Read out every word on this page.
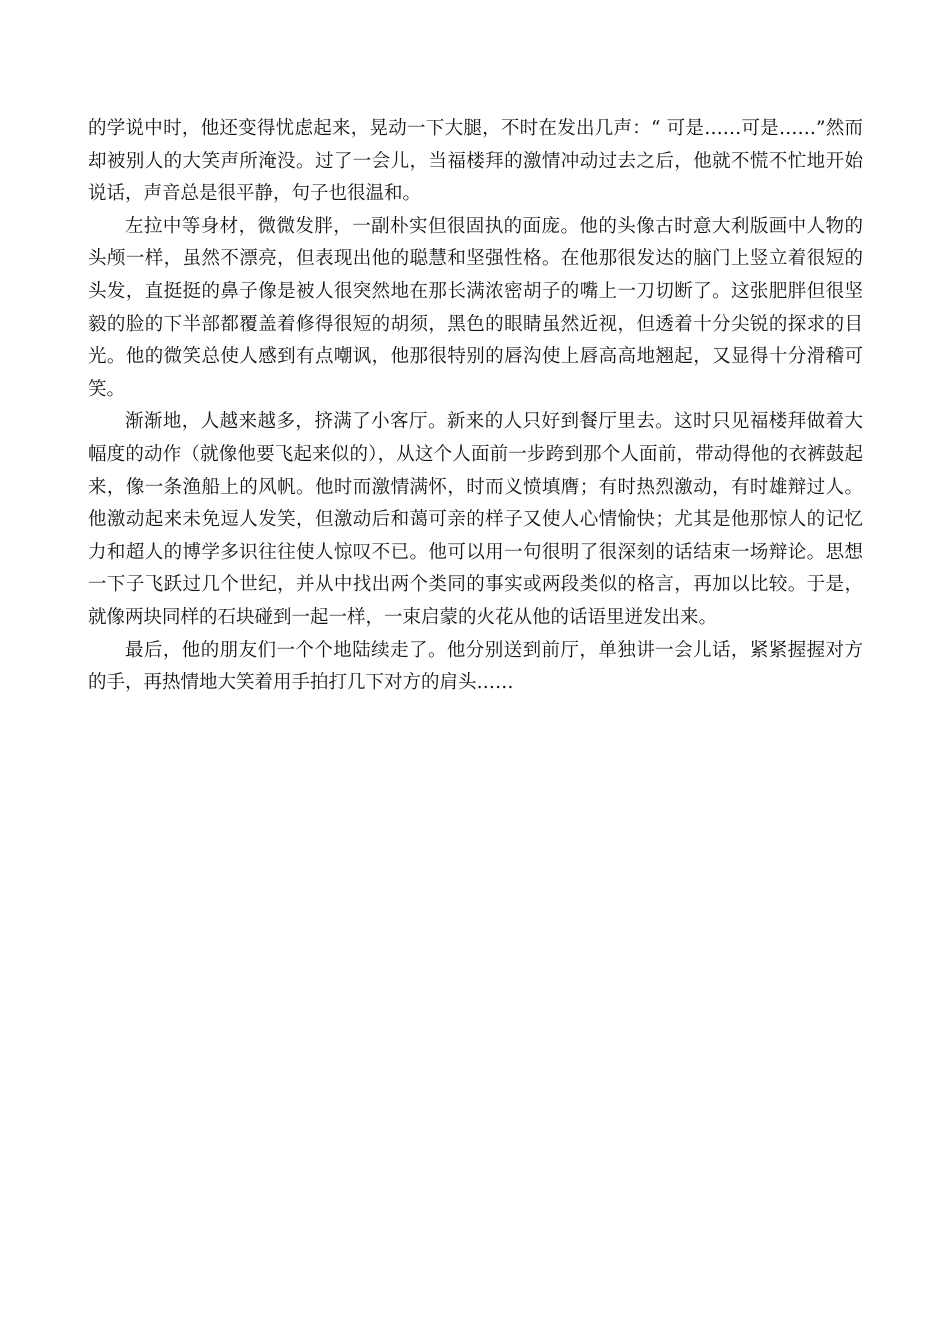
的学说中时，他还变得忧虑起来，晃动一下大腿，不时在发出几声：“ 可是……可是……”然而却被别人的大笑声所淹没。过了一会儿，当福楼拜的激情冲动过去之后，他就不慌不忙地开始说话，声音总是很平静，句子也很温和。

左拉中等身材，微微发胖，一副朴实但很固执的面庞。他的头像古时意大利版画中人物的头颅一样，虽然不漂亮，但表现出他的聪慧和坚强性格。在他那很发达的脑门上竖立着很短的头发，直挺挺的鼻子像是被人很突然地在那长满浓密胡子的嘴上一刀切断了。这张肥胖但很坚毅的脸的下半部都覆盖着修得很短的胡须，黑色的眼睛虽然近视，但透着十分尖锐的探求的目光。他的微笑总使人感到有点嘲讽，他那很特别的唇沟使上唇高高地翘起，又显得十分滑稽可笑。

渐渐地，人越来越多，挤满了小客厅。新来的人只好到餐厅里去。这时只见福楼拜做着大幅度的动作（就像他要飞起来似的），从这个人面前一步跨到那个人面前，带动得他的衣裤鼓起来，像一条渔船上的风帆。他时而激情满怀，时而义愤填膺；有时热烈激动，有时雄辩过人。他激动起来未免逗人发笑，但激动后和蔼可亲的样子又使人心情愉快；尤其是他那惊人的记忆力和超人的博学多识往往使人惊叹不已。他可以用一句很明了很深刻的话结束一场辩论。思想一下子飞跃过几个世纪，并从中找出两个类同的事实或两段类似的格言，再加以比较。于是，就像两块同样的石块碰到一起一样，一束启蒙的火花从他的话语里迸发出来。

最后，他的朋友们一个个地陆续走了。他分别送到前厅，单独讲一会儿话，紧紧握握对方的手，再热情地大笑着用手拍打几下对方的肩头……
